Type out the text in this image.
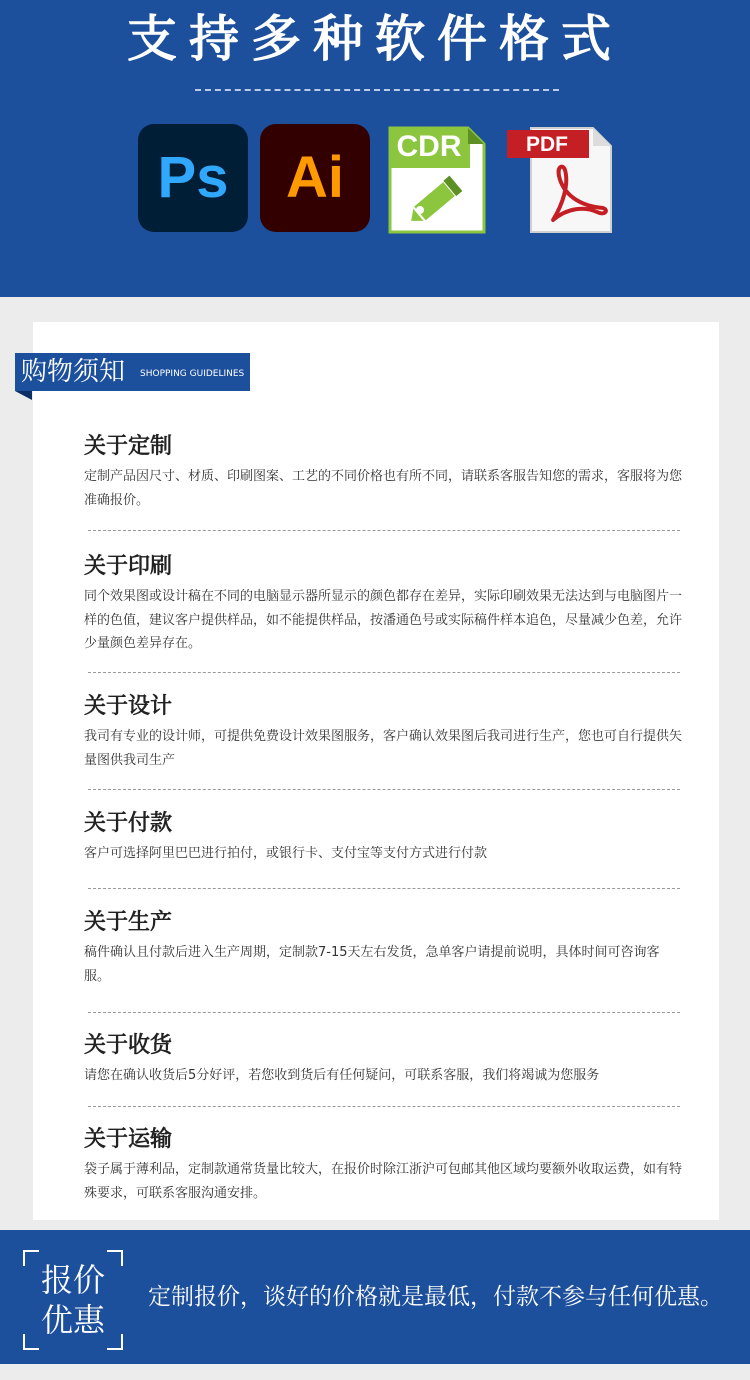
支持多种软件格式
Ps Ai	CDR	PDF
购物须知 SHOPPING GUIDELINES
关于定制

定制产品因尺寸、材质、印刷图案、工艺的不同价格也有所不同，请联系客服告知您的需求，客服将为您准确报价。

关于印刷

同个效果图或设计稿在不同的电脑显示器所显示的颜色都存在差异，实际印刷效果无法达到与电脑图片一样的色值，建议客户提供样品，如不能提供样品，按潘通色号或实际稿件样本追色，尽量减少色差，允许少量颜色差异存在。

关于设计

我司有专业的设计师，可提供免费设计效果图服务，客户确认效果图后我司进行生产，您也可自行提供矢量图供我司生产

关于付款

客户可选择阿里巴巴进行拍付，或银行卡、支付宝等支付方式进行付款

关于生产

稿件确认且付款后进入生产周期，定制款7-15天左右发货，急单客户请提前说明，具体时间可咨询客服。

关于收货

请您在确认收货后5分好评，若您收到货后有任何疑问，可联系客服，我们将竭诚为您服务

关于运输

袋子属于薄利品，定制款通常货量比较大，在报价时除江浙沪可包邮其他区域均要额外收取运费，如有特殊要求，可联系客服沟通安排。

报价
优惠
定制报价，谈好的价格就是最低，付款不参与任何优惠。
